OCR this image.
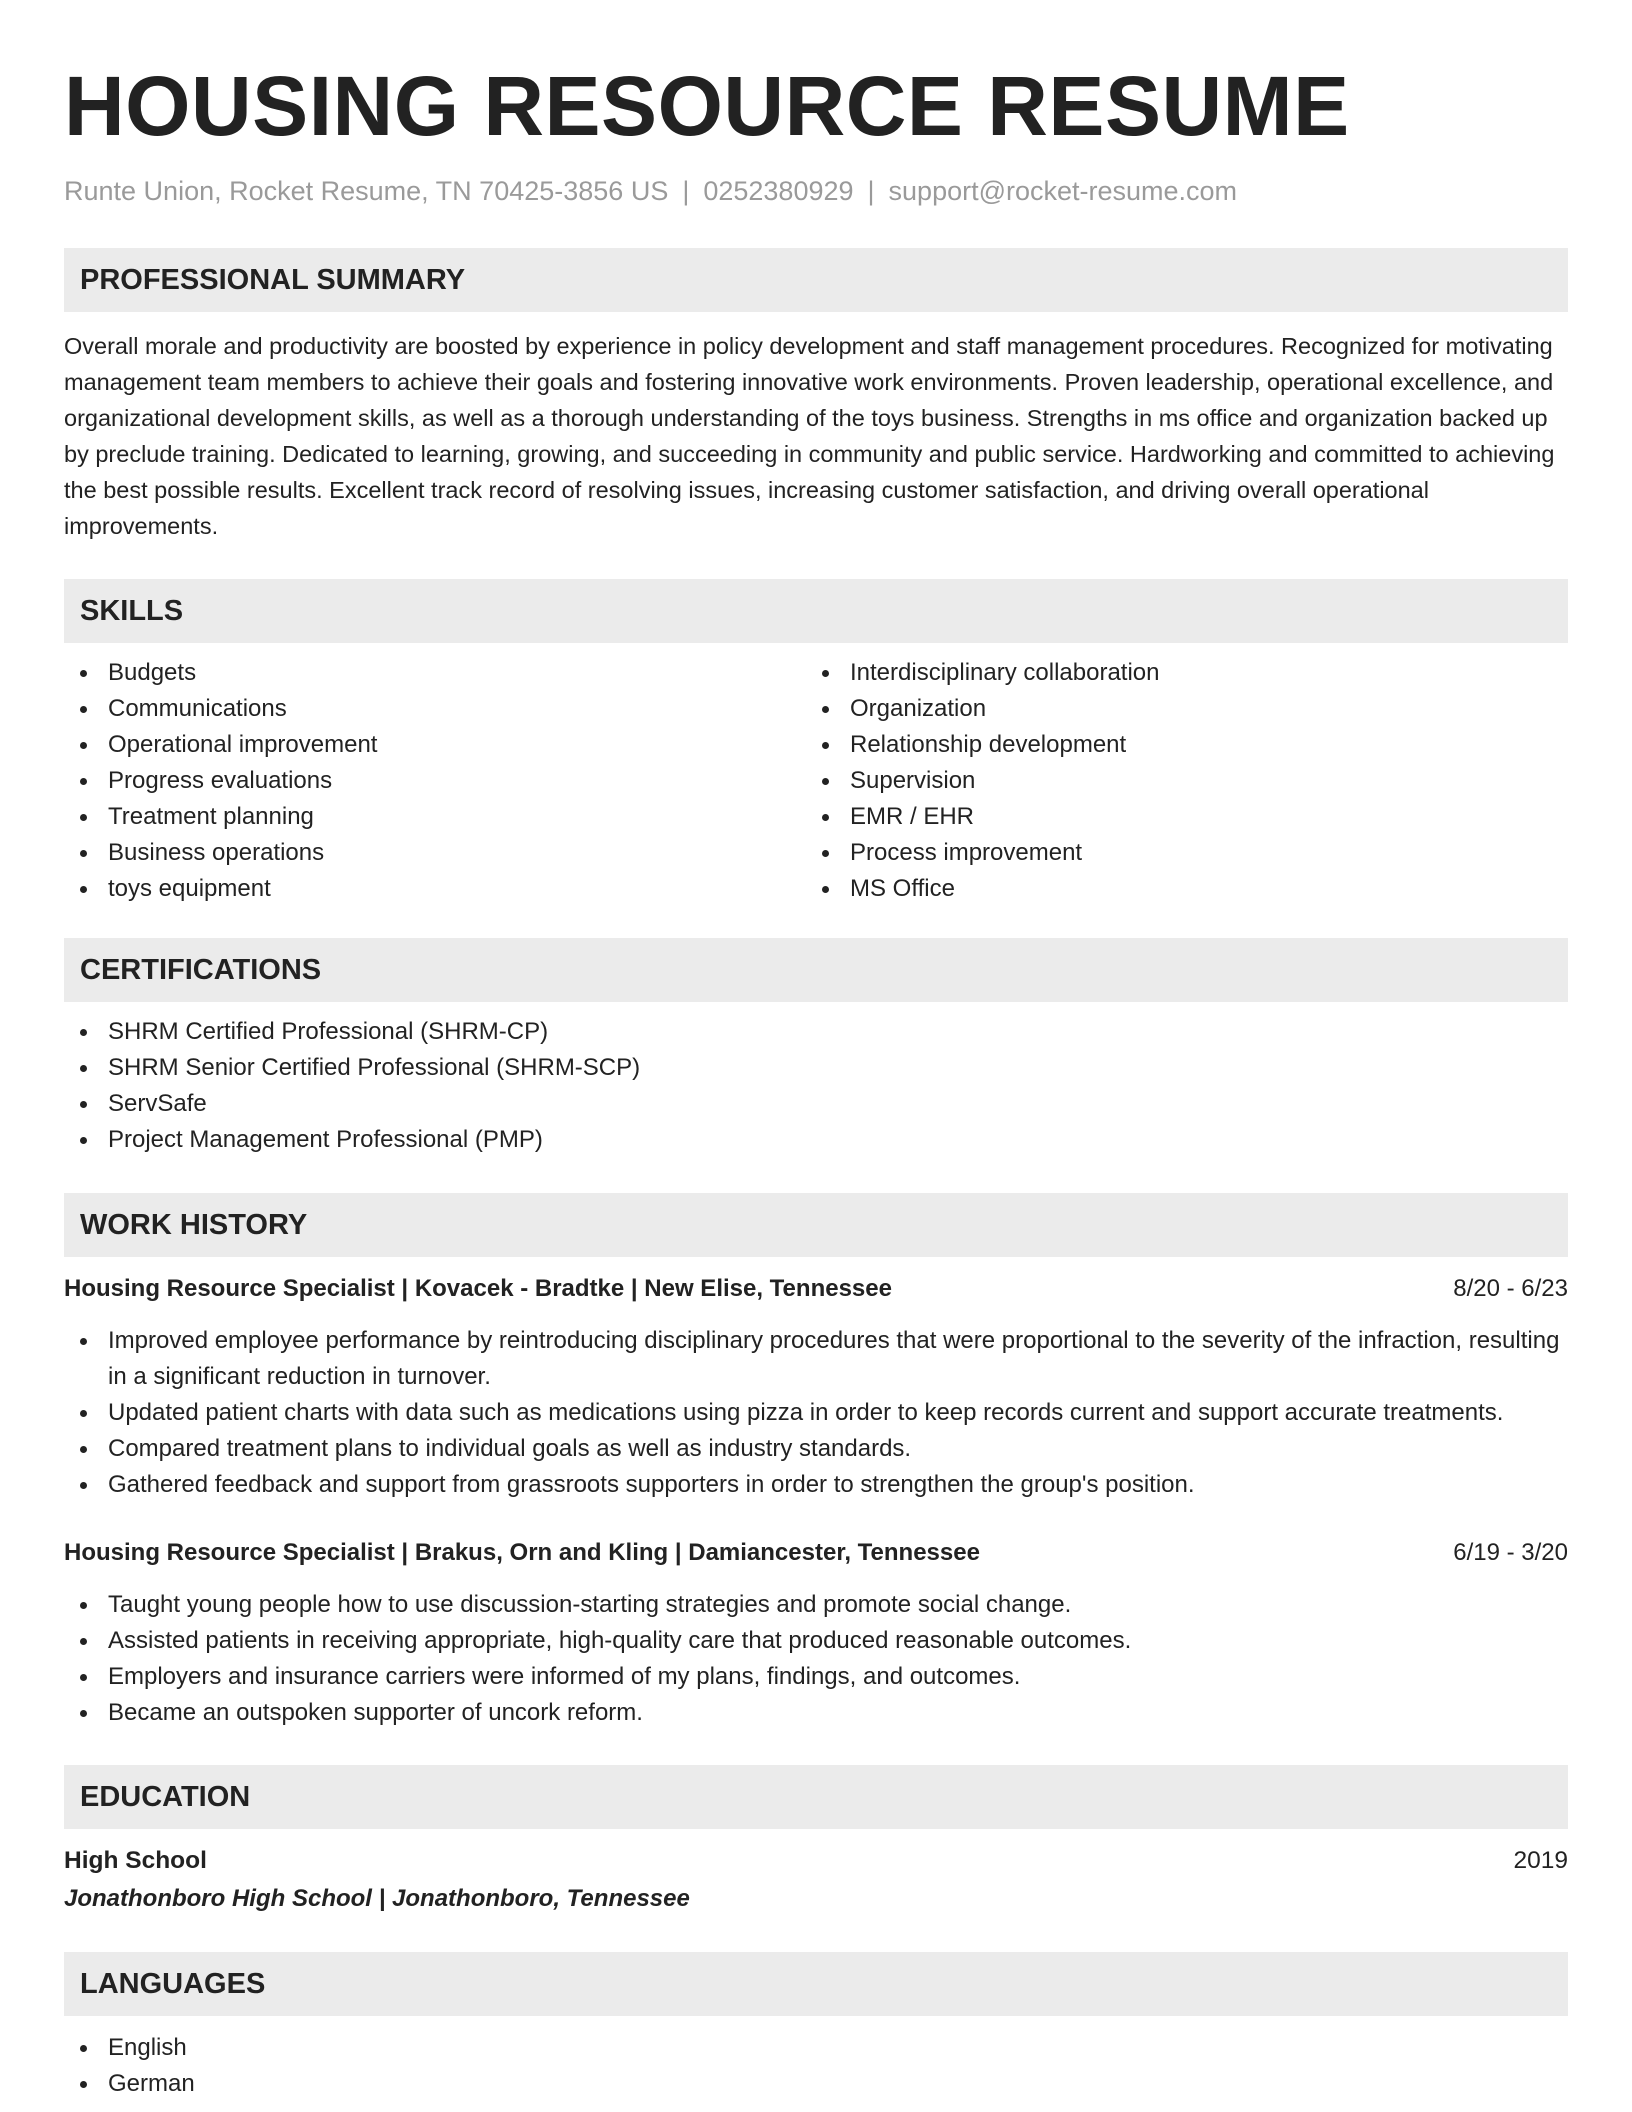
HOUSING RESOURCE RESUME
Runte Union, Rocket Resume, TN 70425-3856 US | 0252380929 | support@rocket-resume.com
PROFESSIONAL SUMMARY
Overall morale and productivity are boosted by experience in policy development and staff management procedures. Recognized for motivating management team members to achieve their goals and fostering innovative work environments. Proven leadership, operational excellence, and organizational development skills, as well as a thorough understanding of the toys business. Strengths in ms office and organization backed up by preclude training. Dedicated to learning, growing, and succeeding in community and public service. Hardworking and committed to achieving the best possible results. Excellent track record of resolving issues, increasing customer satisfaction, and driving overall operational improvements.
SKILLS
Budgets
Communications
Operational improvement
Progress evaluations
Treatment planning
Business operations
toys equipment
Interdisciplinary collaboration
Organization
Relationship development
Supervision
EMR / EHR
Process improvement
MS Office
CERTIFICATIONS
SHRM Certified Professional (SHRM-CP)
SHRM Senior Certified Professional (SHRM-SCP)
ServSafe
Project Management Professional (PMP)
WORK HISTORY
Housing Resource Specialist | Kovacek - Bradtke | New Elise, Tennessee	8/20 - 6/23
Improved employee performance by reintroducing disciplinary procedures that were proportional to the severity of the infraction, resulting in a significant reduction in turnover.
Updated patient charts with data such as medications using pizza in order to keep records current and support accurate treatments.
Compared treatment plans to individual goals as well as industry standards.
Gathered feedback and support from grassroots supporters in order to strengthen the group's position.
Housing Resource Specialist | Brakus, Orn and Kling | Damiancester, Tennessee	6/19 - 3/20
Taught young people how to use discussion-starting strategies and promote social change.
Assisted patients in receiving appropriate, high-quality care that produced reasonable outcomes.
Employers and insurance carriers were informed of my plans, findings, and outcomes.
Became an outspoken supporter of uncork reform.
EDUCATION
High School	2019
Jonathonboro High School | Jonathonboro, Tennessee
LANGUAGES
English
German
